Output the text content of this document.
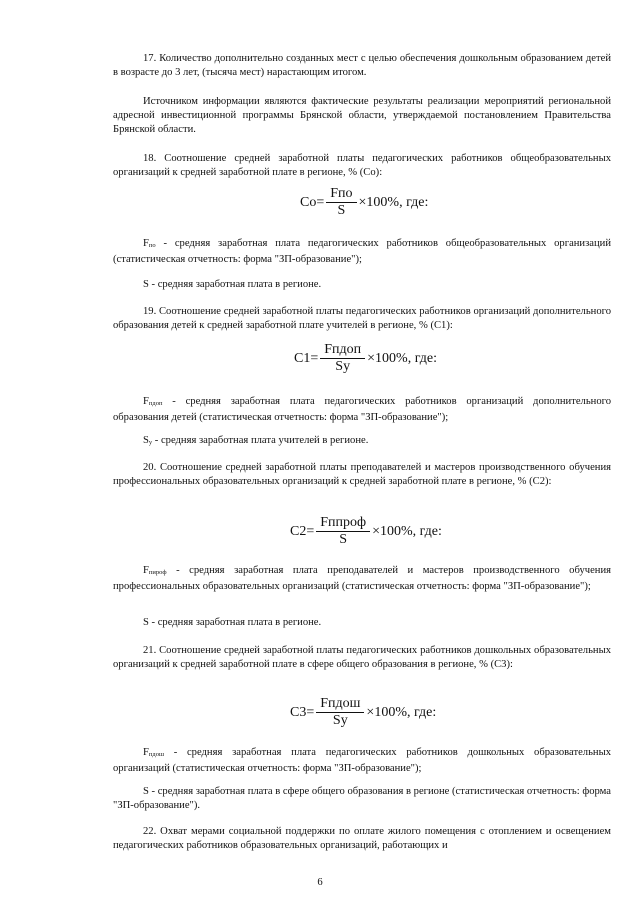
17. Количество дополнительно созданных мест с целью обеспечения дошкольным образованием детей в возрасте до 3 лет, (тысяча мест) нарастающим итогом.

Источником информации являются фактические результаты реализации мероприятий региональной адресной инвестиционной программы Брянской области, утверждаемой постановлением Правительства Брянской области.

18. Соотношение средней заработной платы педагогических работников общеобразовательных организаций к средней заработной плате в регионе, % (Со):

$Со= \frac{\text{Fпо}}{S} \times 100\%$, где:

$F_{по}$ - средняя заработная плата педагогических работников общеобразовательных организаций (статистическая отчетность: форма "ЗП-образование");

S - средняя заработная плата в регионе.

19. Соотношение средней заработной платы педагогических работников организаций дополнительного образования детей к средней заработной плате учителей в регионе, % (С1):

$С1= \frac{\text{Fпдоп}}{Sу} \times 100\%$, где:

$F_{пдоп}$ - средняя заработная плата педагогических работников организаций дополнительного образования детей (статистическая отчетность: форма "ЗП-образование");

$S_у$ - средняя заработная плата учителей в регионе.

20. Соотношение средней заработной платы преподавателей и мастеров производственного обучения профессиональных образовательных организаций к средней заработной плате в регионе, % (С2):

$С2= \frac{\text{Fппроф}}{S} \times 100\%$, где:

$F_{пироф}$ - средняя заработная плата преподавателей и мастеров производственного обучения профессиональных образовательных организаций (статистическая отчетность: форма "ЗП-образование");

S - средняя заработная плата в регионе.

21. Соотношение средней заработной платы педагогических работников дошкольных образовательных организаций к средней заработной плате в сфере общего образования в регионе, % (С3):

$С3= \frac{\text{Fпдош}}{Sу} \times 100\%$, где:

$F_{пдош}$ - средняя заработная плата педагогических работников дошкольных образовательных организаций (статистическая отчетность: форма "ЗП-образование");

S - средняя заработная плата в сфере общего образования в регионе (статистическая отчетность: форма "ЗП-образование").

22. Охват мерами социальной поддержки по оплате жилого помещения с отоплением и освещением педагогических работников образовательных организаций, работающих и

6
